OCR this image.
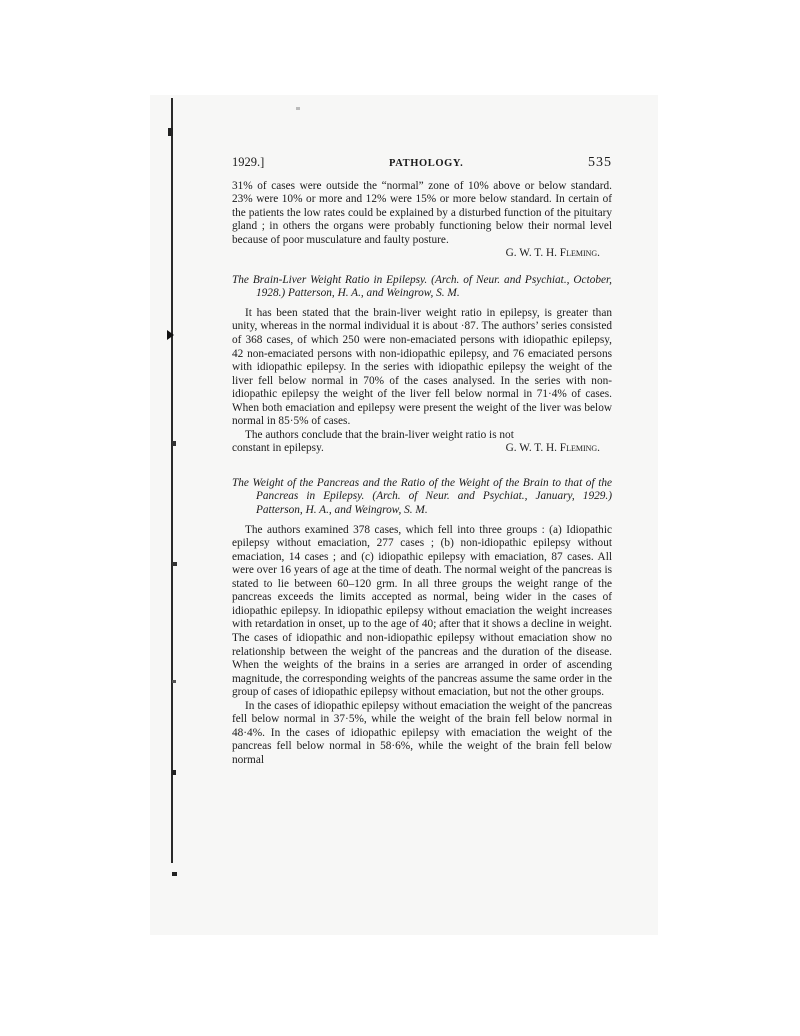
1929.]	PATHOLOGY.	535

31% of cases were outside the “normal” zone of 10% above or below standard. 23% were 10% or more and 12% were 15% or more below standard. In certain of the patients the low rates could be explained by a disturbed function of the pituitary gland ; in others the organs were probably functioning below their normal level because of poor musculature and faulty posture.

G. W. T. H. Fleming.

The Brain-Liver Weight Ratio in Epilepsy. (Arch. of Neur. and Psychiat., October, 1928.) Patterson, H. A., and Weingrow, S. M.

It has been stated that the brain-liver weight ratio in epilepsy, is greater than unity, whereas in the normal individual it is about ·87. The authors’ series consisted of 368 cases, of which 250 were non-emaciated persons with idiopathic epilepsy, 42 non-emaciated persons with non-idiopathic epilepsy, and 76 emaciated persons with idiopathic epilepsy. In the series with idiopathic epilepsy the weight of the liver fell below normal in 70% of the cases analysed. In the series with non-idiopathic epilepsy the weight of the liver fell below normal in 71·4% of cases. When both emaciation and epilepsy were present the weight of the liver was below normal in 85·5% of cases.

The authors conclude that the brain-liver weight ratio is not

constant in epilepsy.	G. W. T. H. Fleming.

The Weight of the Pancreas and the Ratio of the Weight of the Brain to that of the Pancreas in Epilepsy. (Arch. of Neur. and Psychiat., January, 1929.) Patterson, H. A., and Weingrow, S. M.

The authors examined 378 cases, which fell into three groups : (a) Idiopathic epilepsy without emaciation, 277 cases ; (b) non-idiopathic epilepsy without emaciation, 14 cases ; and (c) idiopathic epilepsy with emaciation, 87 cases. All were over 16 years of age at the time of death. The normal weight of the pancreas is stated to lie between 60–120 grm. In all three groups the weight range of the pancreas exceeds the limits accepted as normal, being wider in the cases of idiopathic epilepsy. In idiopathic epilepsy without emaciation the weight increases with retardation in onset, up to the age of 40; after that it shows a decline in weight. The cases of idiopathic and non-idiopathic epilepsy without emaciation show no relationship between the weight of the pancreas and the duration of the disease. When the weights of the brains in a series are arranged in order of ascending magnitude, the corresponding weights of the pancreas assume the same order in the group of cases of idiopathic epilepsy without emaciation, but not the other groups.

In the cases of idiopathic epilepsy without emaciation the weight of the pancreas fell below normal in 37·5%, while the weight of the brain fell below normal in 48·4%. In the cases of idiopathic epilepsy with emaciation the weight of the pancreas fell below normal in 58·6%, while the weight of the brain fell below normal
